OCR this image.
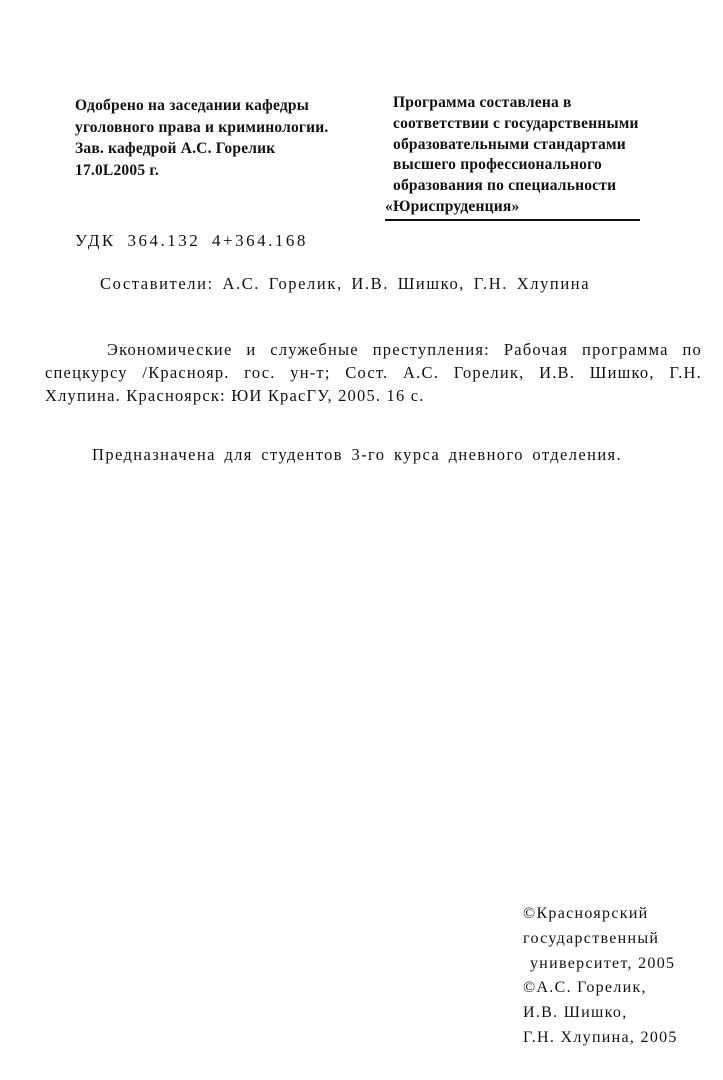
Одобрено на заседании кафедры
уголовного права и криминологии.
Зав. кафедрой А.С. Горелик
17.0L2005 г.
Программа составлена в
соответствии с государственными
образовательными стандартами
высшего профессионального
образования по специальности
«Юриспруденция»
УДК 364.132 4+364.168
Составители: А.С. Горелик, И.В. Шишко, Г.Н. Хлупина
Экономические и служебные преступления: Рабочая программа по
спецкурсу /Краснояр. гос. ун-т; Сост. А.С. Горелик, И.В. Шишко, Г.Н.
Хлупина. Красноярск: ЮИ КрасГУ, 2005. 16 с.
Предназначена для студентов 3-го курса дневного отделения.
©Красноярский
государственный
университет, 2005
©А.С. Горелик,
И.В. Шишко,
Г.Н. Хлупина, 2005
